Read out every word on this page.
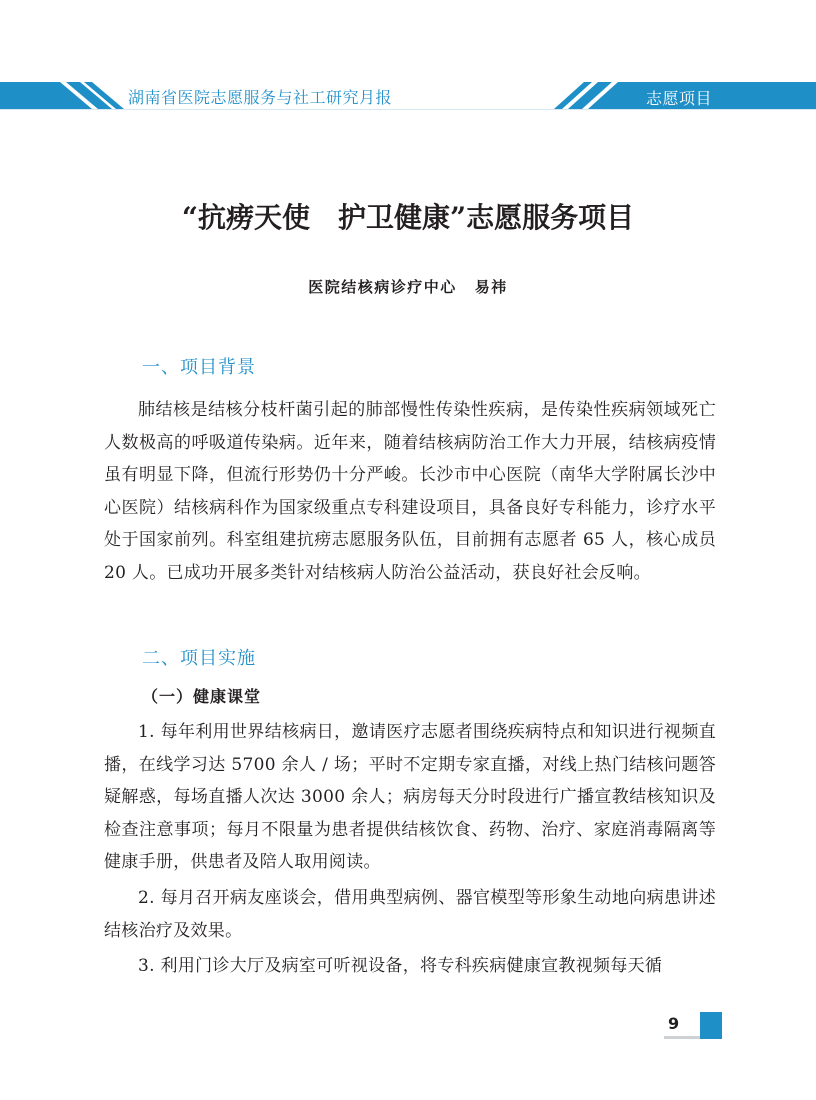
湖南省医院志愿服务与社工研究月报	志愿项目
“抗痨天使　护卫健康”志愿服务项目
医院结核病诊疗中心 易祎
一、项目背景
肺结核是结核分枝杆菌引起的肺部慢性传染性疾病，是传染性疾病领域死亡人数极高的呼吸道传染病。近年来，随着结核病防治工作大力开展，结核病疫情虽有明显下降，但流行形势仍十分严峻。长沙市中心医院（南华大学附属长沙中心医院）结核病科作为国家级重点专科建设项目，具备良好专科能力，诊疗水平处于国家前列。科室组建抗痨志愿服务队伍，目前拥有志愿者 65 人，核心成员 20 人。已成功开展多类针对结核病人防治公益活动，获良好社会反响。
二、项目实施
（一）健康课堂
1. 每年利用世界结核病日，邀请医疗志愿者围绕疾病特点和知识进行视频直播，在线学习达 5700 余人 / 场；平时不定期专家直播，对线上热门结核问题答疑解惑，每场直播人次达 3000 余人；病房每天分时段进行广播宣教结核知识及检查注意事项；每月不限量为患者提供结核饮食、药物、治疗、家庭消毒隔离等健康手册，供患者及陪人取用阅读。
2. 每月召开病友座谈会，借用典型病例、器官模型等形象生动地向病患讲述结核治疗及效果。
3. 利用门诊大厅及病室可听视设备，将专科疾病健康宣教视频每天循
9
